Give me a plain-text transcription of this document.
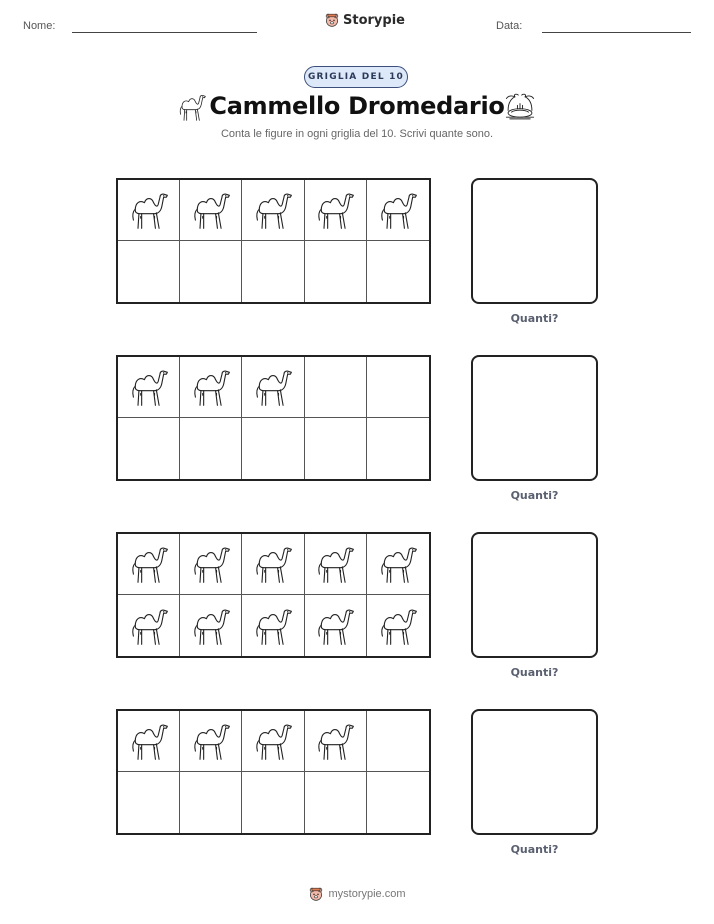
Nome:	Storypie	Data:
GRIGLIA DEL 10
Cammello Dromedario
Conta le figure in ogni griglia del 10. Scrivi quante sono.
Quanti?
Quanti?
Quanti?
Quanti?
mystorypie.com
